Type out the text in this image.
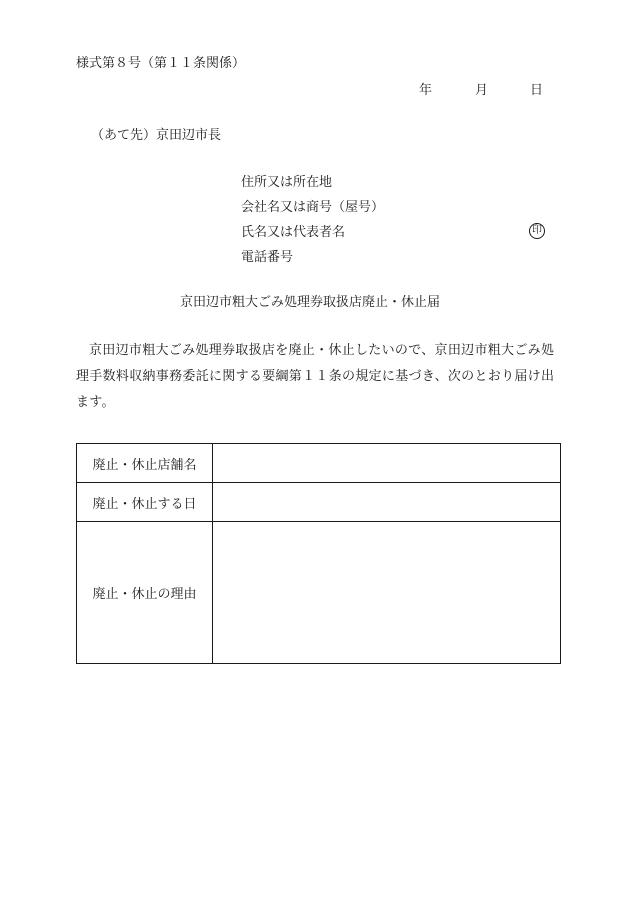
様式第８号（第１１条関係）
年	月	日
（あて先）京田辺市長
住所又は所在地
会社名又は商号（屋号）
氏名又は代表者名	印
電話番号
京田辺市粗大ごみ処理券取扱店廃止・休止届
京田辺市粗大ごみ処理券取扱店を廃止・休止したいので、京田辺市粗大ごみ処理手数料収納事務委託に関する要綱第１１条の規定に基づき、次のとおり届け出ます。
廃止・休止店舗名	
廃止・休止する日	
廃止・休止の理由	
